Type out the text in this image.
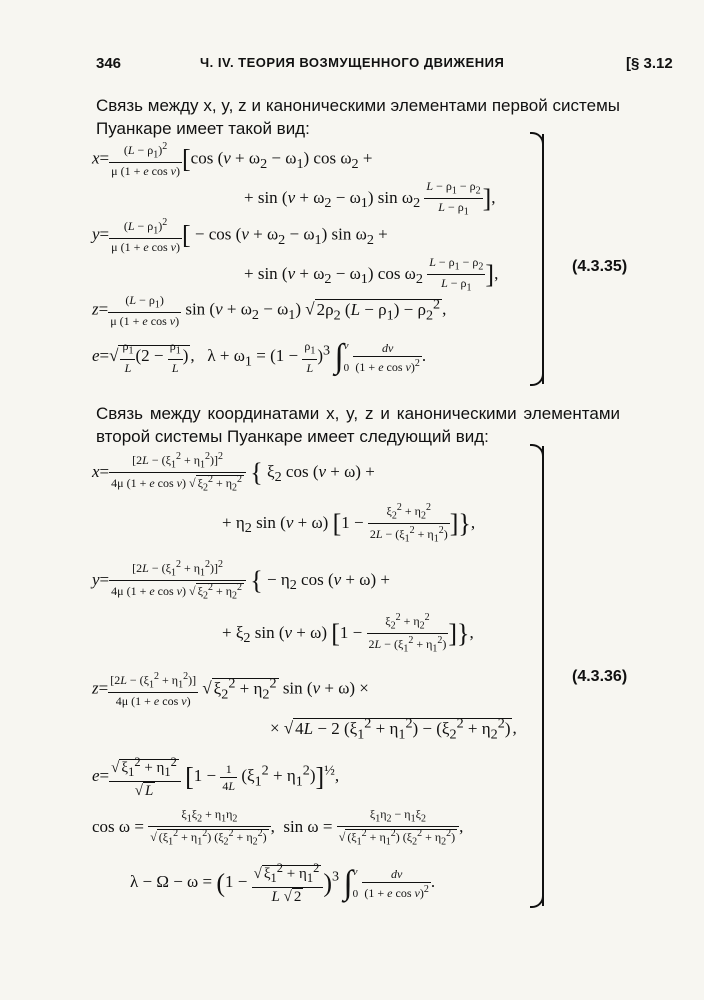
346	Ч. IV. ТЕОРИЯ ВОЗМУЩЕННОГО ДВИЖЕНИЯ	[§ 3.12
Связь между x, y, z и каноническими элементами первой системы Пуанкаре имеет такой вид:
$x= \frac{(L - \rho_1)^2}{\text{μ (1 + e cos v)}} [\cos$ $(v + \omega_2 - \omega_1)$ $\cos \omega_2$ +
+ $\sin (v + \omega_2 - \omega_1)$ $\sin \omega_2 \frac{L - \rho_1 - \rho_2}{L - \rho_1}$ ],
$y= \frac{(L - \rho_1)^2}{\text{μ (1 + e cos v)}}$ [ − $\cos (v + \omega_2 - \omega_1)$ $\sin \omega_2$ +
+ $\sin (v + \omega_2 - \omega_1)$ $\cos \omega_2 \frac{L - \rho_1 - \rho_2}{L - \rho_1}$ ],
$z= \frac{(L - \rho_1)}{\text{μ (1 + e cos v)}}$ $\sin (v + \omega_2 - \omega_1)$ √ $2\rho_2$ $(L - \rho_1) - \rho_2^2$ ,
$e=√ \frac{\rho_1}{L} (2 - \frac{\rho_1}{L}$ ) ,   $\lambda + \omega_1 = (1 - \frac{\rho_1}{L} )^3$ ∫ v

0
$\frac{dv}{(1 + e \cos v)^2}$ .
(4.3.35)
Связь между координатами x, y, z и каноническими элементами второй системы Пуанкаре имеет следующий вид:
$x= \frac{[2L - (\xi_1^2 + \eta_1^2)]^2}{4\mu (1 + e \cos v) √ \xi_2^2 + \eta_2^2}$ { $\xi_2$ cos (v + ω) +
+ $\eta_2$ sin (v + ω) [$1 - \frac{\xi_2^2 + \eta_2^2}{2L - (\xi_1^2 + \eta_1^2)}$ ]},
$y= \frac{[2L - (\xi_1^2 + \eta_1^2)]^2}{4\mu (1 + e \cos v) √ \xi_2^2 + \eta_2^2}$ { − $\eta_2$ cos (v + ω) +
+ $\xi_2$ sin (v + ω) [$1 - \frac{\xi_2^2 + \eta_2^2}{2L - (\xi_1^2 + \eta_1^2)}$ ]},
$z= \frac{[2L - (\xi_1^2 + \eta_1^2)]}{\text{4μ (1 + e cos v)}}$ √ $\xi_2^2 + \eta_2^2$ sin (v + ω) ×
× √ 4L − 2 $(\xi_1^2 + \eta_1^2) - (\xi_2^2 + \eta_2^2)$ ,
$e= \frac{√ \xi_1^2 + \eta_1^2}{√ L} [1 - \frac{1}{4L} (\xi_1^2 + \eta_1^2)]^{\frac{1}{2}}$,
$\cos \omega = \frac{\xi_1\xi_2 + \eta_1\eta_2}{√ (\xi_1^2 + \eta_1^2) (\xi_2^2 + \eta_2^2)}$ ,  $\sin \omega = \frac{\xi_1\eta_2 - \eta_1\xi_2}{√ (\xi_1^2 + \eta_1^2) (\xi_2^2 + \eta_2^2)}$ ,
$\lambda - \Omega - \omega = (1 - \frac{√ \xi_1^2 + \eta_1^2}{L √ 2} )^3$ ∫ v

0
$\frac{dv}{(1 + e \cos v)^2}$ .
(4.3.36)
